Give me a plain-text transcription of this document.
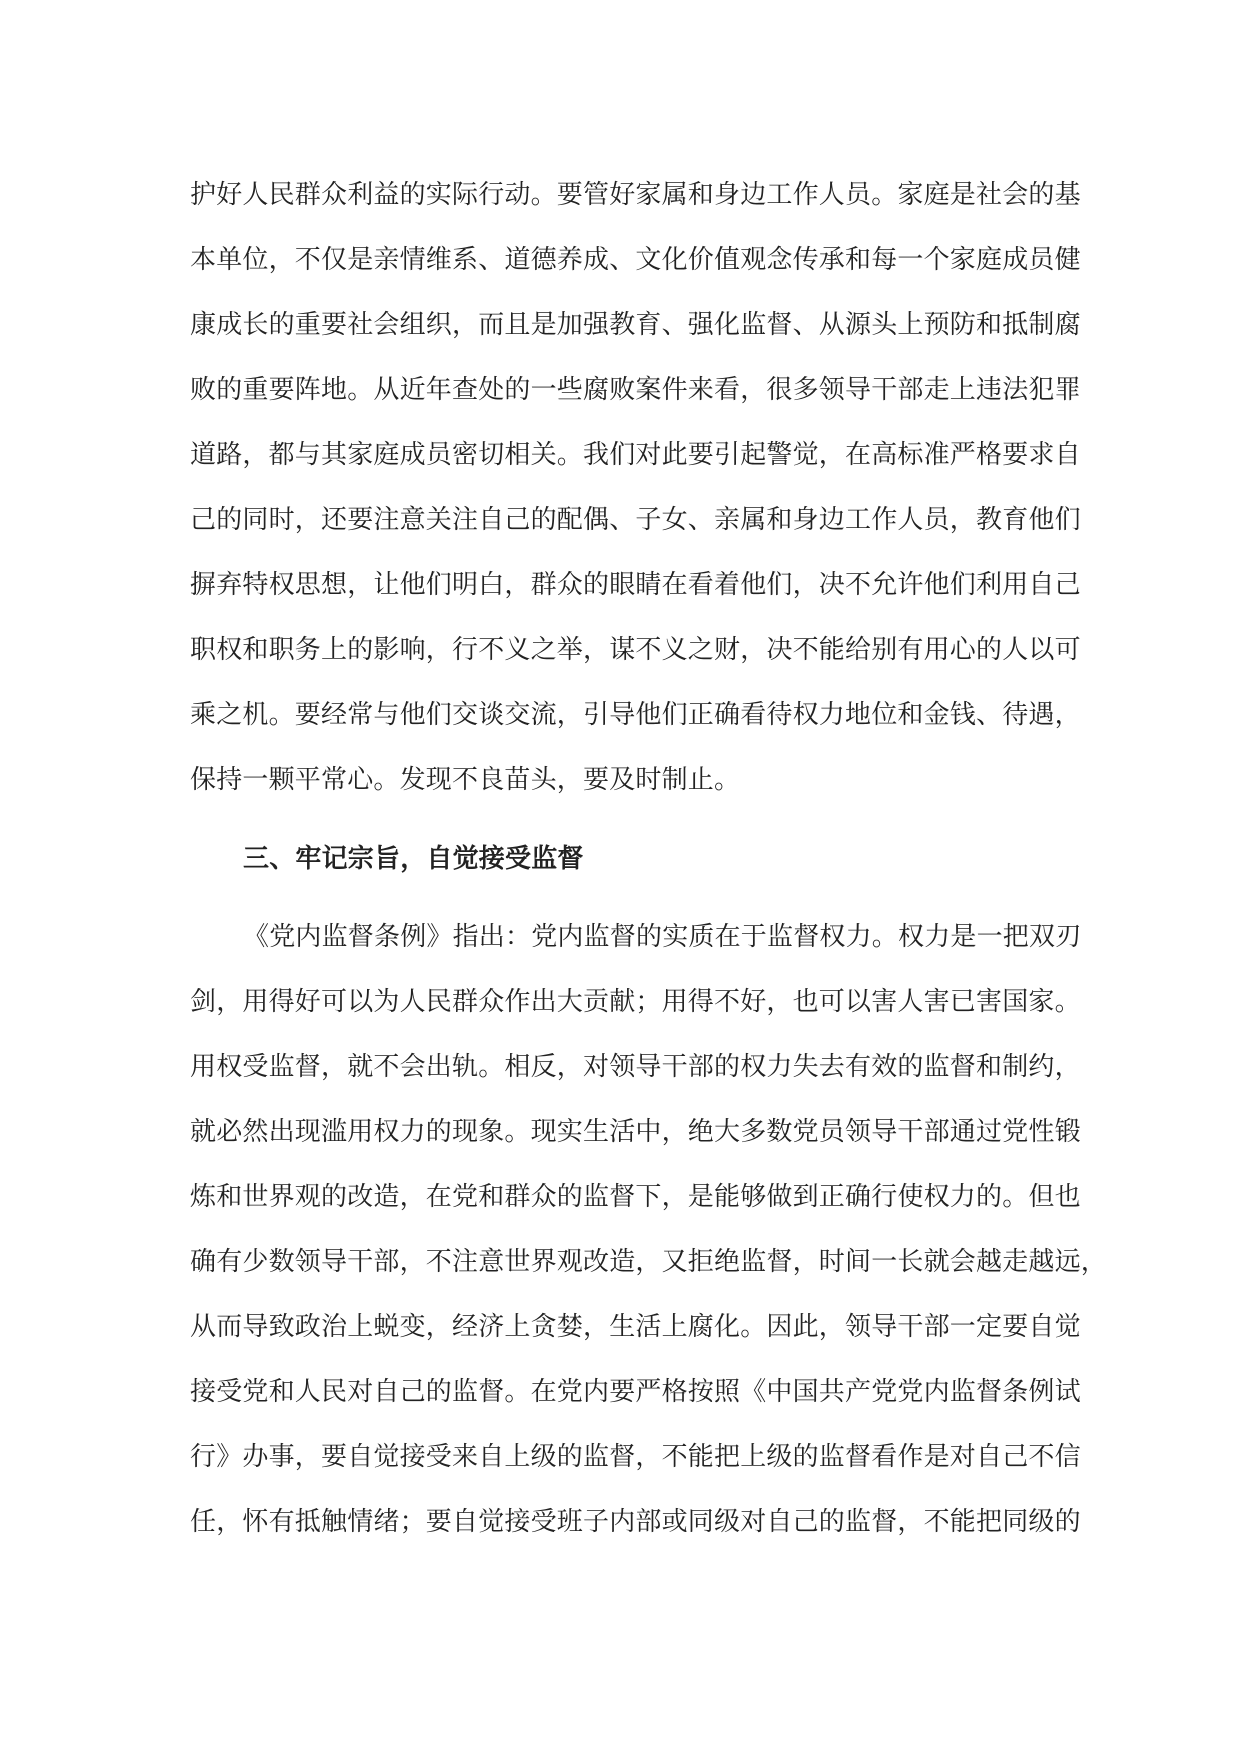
护好人民群众利益的实际行动。要管好家属和身边工作人员。家庭是社会的基
本单位，不仅是亲情维系、道德养成、文化价值观念传承和每一个家庭成员健
康成长的重要社会组织，而且是加强教育、强化监督、从源头上预防和抵制腐
败的重要阵地。从近年查处的一些腐败案件来看，很多领导干部走上违法犯罪
道路，都与其家庭成员密切相关。我们对此要引起警觉，在高标准严格要求自
己的同时，还要注意关注自己的配偶、子女、亲属和身边工作人员，教育他们
摒弃特权思想，让他们明白，群众的眼睛在看着他们，决不允许他们利用自己
职权和职务上的影响，行不义之举，谋不义之财，决不能给别有用心的人以可
乘之机。要经常与他们交谈交流，引导他们正确看待权力地位和金钱、待遇，
保持一颗平常心。发现不良苗头，要及时制止。
三、牢记宗旨，自觉接受监督
《党内监督条例》指出：党内监督的实质在于监督权力。权力是一把双刃
剑，用得好可以为人民群众作出大贡献；用得不好，也可以害人害已害国家。
用权受监督，就不会出轨。相反，对领导干部的权力失去有效的监督和制约，
就必然出现滥用权力的现象。现实生活中，绝大多数党员领导干部通过党性锻
炼和世界观的改造，在党和群众的监督下，是能够做到正确行使权力的。但也
确有少数领导干部，不注意世界观改造，又拒绝监督，时间一长就会越走越远，
从而导致政治上蜕变，经济上贪婪，生活上腐化。因此，领导干部一定要自觉
接受党和人民对自己的监督。在党内要严格按照《中国共产党党内监督条例试
行》办事，要自觉接受来自上级的监督，不能把上级的监督看作是对自己不信
任，怀有抵触情绪；要自觉接受班子内部或同级对自己的监督，不能把同级的
